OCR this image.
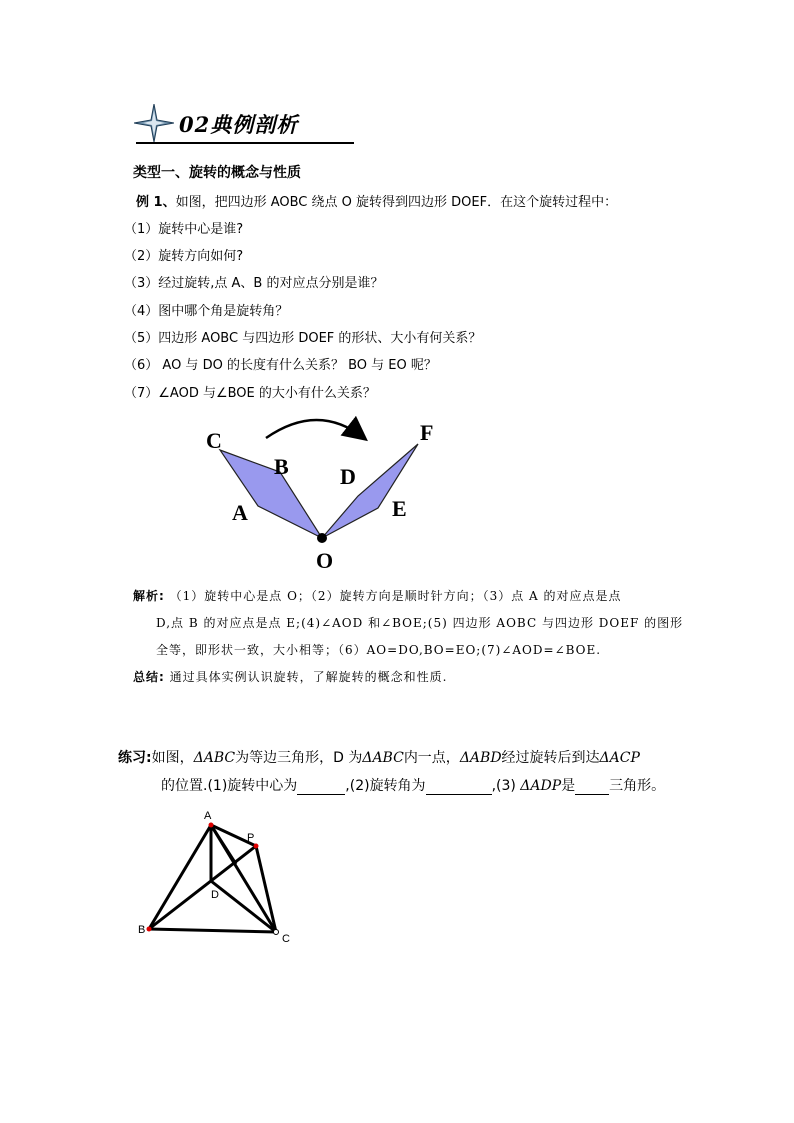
02典例剖析
类型一、旋转的概念与性质
例 1、如图，把四边形 AOBC 绕点 O 旋转得到四边形 DOEF．在这个旋转过程中：
（1）旋转中心是谁?
（2）旋转方向如何?
（3）经过旋转,点 A、B 的对应点分别是谁？
（4）图中哪个角是旋转角？
（5）四边形 AOBC 与四边形 DOEF 的形状、大小有何关系？
（6） AO 与 DO 的长度有什么关系？ BO 与 EO 呢？
（7）∠AOD 与∠BOE 的大小有什么关系？
C
B
A
O
D
F
E
解析: （1）旋转中心是点 O；（2）旋转方向是顺时针方向；（3）点 A 的对应点是点
D,点 B 的对应点是点 E;(4)∠AOD 和∠BOE;(5) 四边形 AOBC 与四边形 DOEF 的图形
全等，即形状一致，大小相等；（6）AO=DO,BO=EO;(7)∠AOD=∠BOE.
总结: 通过具体实例认识旋转，了解旋转的概念和性质.
练习:如图，ΔABC为等边三角形，D 为ΔABC内一点，ΔABD经过旋转后到达ΔACP
的位置.(1)旋转中心为	,(2)旋转角为	,(3) ΔADP是 三角形。
A
P
D
B
C
